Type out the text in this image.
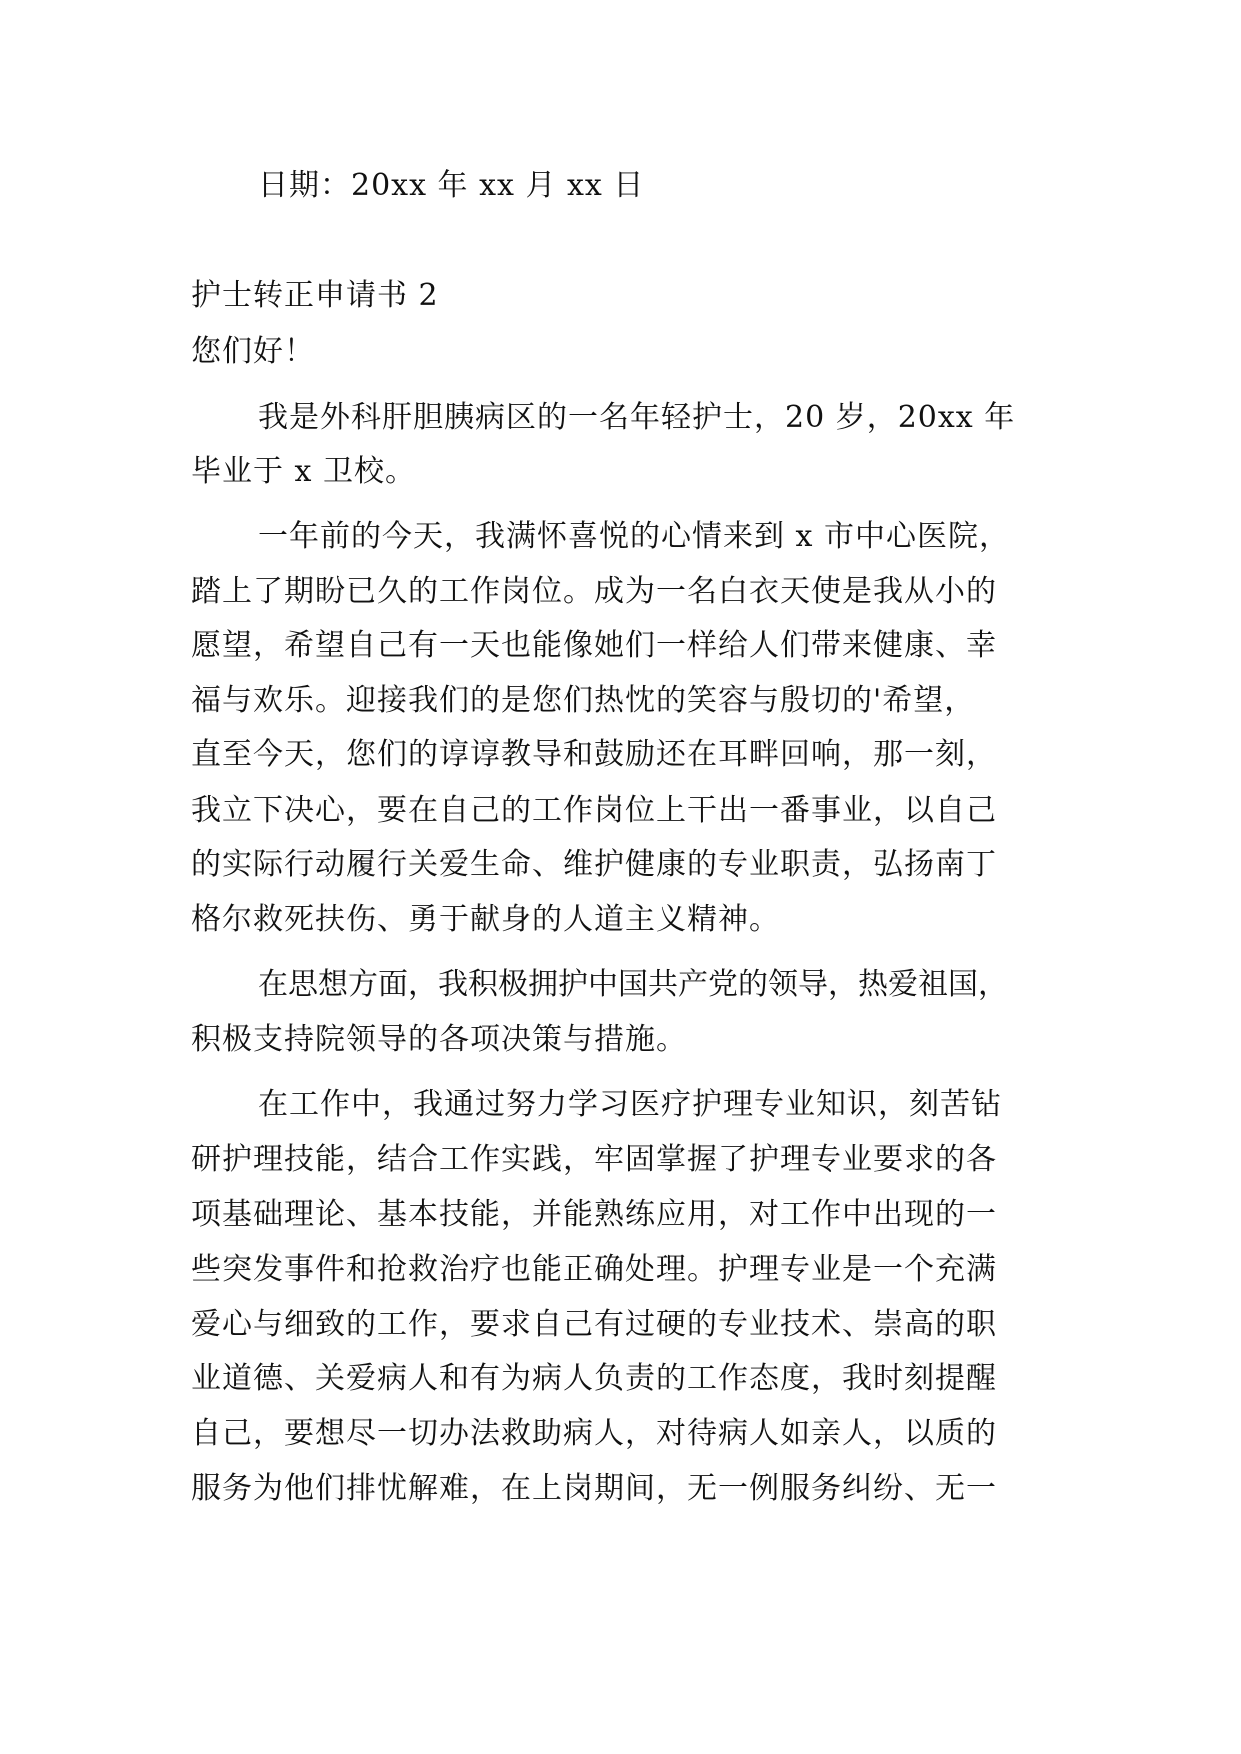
日期：20xx 年 xx 月 xx 日
护士转正申请书 2
您们好！
我是外科肝胆胰病区的一名年轻护士，20 岁，20xx 年
毕业于 x 卫校。
一年前的今天，我满怀喜悦的心情来到 x 市中心医院，
踏上了期盼已久的工作岗位。成为一名白衣天使是我从小的
愿望，希望自己有一天也能像她们一样给人们带来健康、幸
福与欢乐。迎接我们的是您们热忱的笑容与殷切的'希望，
直至今天，您们的谆谆教导和鼓励还在耳畔回响，那一刻，
我立下决心，要在自己的工作岗位上干出一番事业，以自己
的实际行动履行关爱生命、维护健康的专业职责，弘扬南丁
格尔救死扶伤、勇于献身的人道主义精神。
在思想方面，我积极拥护中国共产党的领导，热爱祖国，
积极支持院领导的各项决策与措施。
在工作中，我通过努力学习医疗护理专业知识，刻苦钻
研护理技能，结合工作实践，牢固掌握了护理专业要求的各
项基础理论、基本技能，并能熟练应用，对工作中出现的一
些突发事件和抢救治疗也能正确处理。护理专业是一个充满
爱心与细致的工作，要求自己有过硬的专业技术、崇高的职
业道德、关爱病人和有为病人负责的工作态度，我时刻提醒
自己，要想尽一切办法救助病人，对待病人如亲人，以质的
服务为他们排忧解难，在上岗期间，无一例服务纠纷、无一
